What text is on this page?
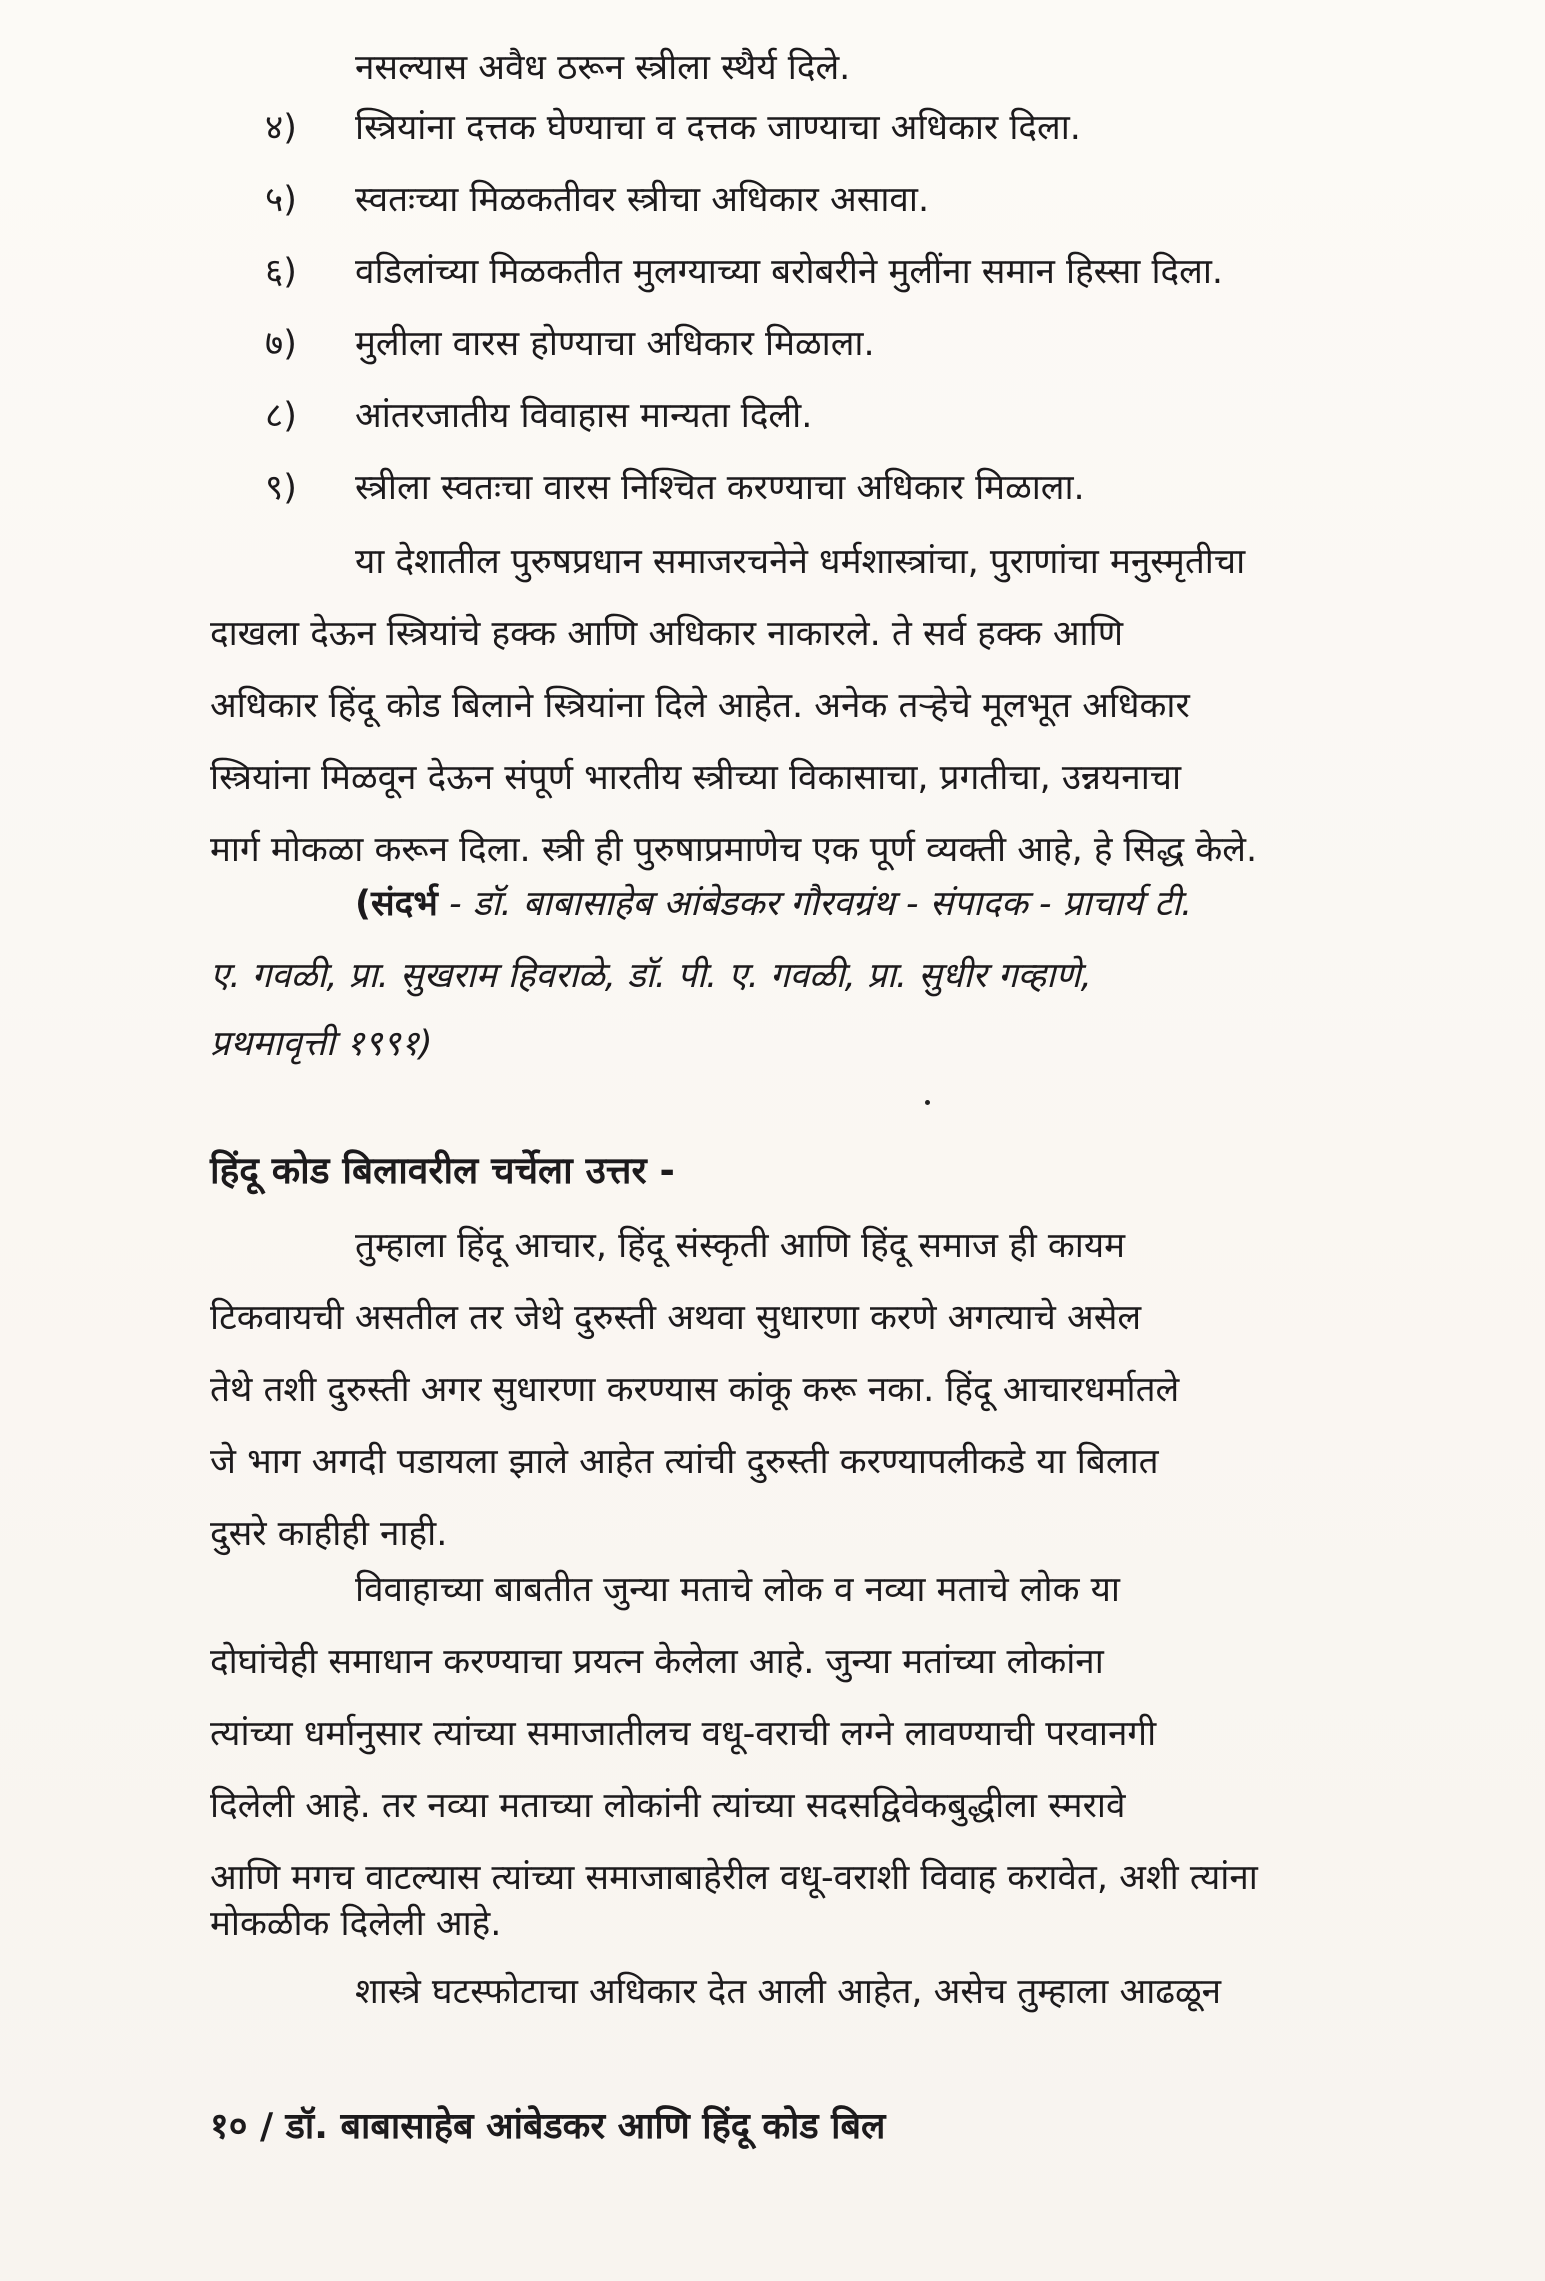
नसल्यास अवैध ठरून स्त्रीला स्थैर्य दिले.
४) स्त्रियांना दत्तक घेण्याचा व दत्तक जाण्याचा अधिकार दिला.
५) स्वतःच्या मिळकतीवर स्त्रीचा अधिकार असावा.
६) वडिलांच्या मिळकतीत मुलग्याच्या बरोबरीने मुलींना समान हिस्सा दिला.
७) मुलीला वारस होण्याचा अधिकार मिळाला.
८) आंतरजातीय विवाहास मान्यता दिली.
९) स्त्रीला स्वतःचा वारस निश्चित करण्याचा अधिकार मिळाला.
या देशातील पुरुषप्रधान समाजरचनेने धर्मशास्त्रांचा, पुराणांचा मनुस्मृतीचा
दाखला देऊन स्त्रियांचे हक्क आणि अधिकार नाकारले. ते सर्व हक्क आणि
अधिकार हिंदू कोड बिलाने स्त्रियांना दिले आहेत. अनेक तऱ्हेचे मूलभूत अधिकार
स्त्रियांना मिळवून देऊन संपूर्ण भारतीय स्त्रीच्या विकासाचा, प्रगतीचा, उन्नयनाचा
मार्ग मोकळा करून दिला. स्त्री ही पुरुषाप्रमाणेच एक पूर्ण व्यक्ती आहे, हे सिद्ध केले.
(संदर्भ - डॉ. बाबासाहेब आंबेडकर गौरवग्रंथ - संपादक - प्राचार्य टी.
ए. गवळी, प्रा. सुखराम हिवराळे, डॉ. पी. ए. गवळी, प्रा. सुधीर गव्हाणे,
प्रथमावृत्ती १९९१)
हिंदू कोड बिलावरील चर्चेला उत्तर -
तुम्हाला हिंदू आचार, हिंदू संस्कृती आणि हिंदू समाज ही कायम
टिकवायची असतील तर जेथे दुरुस्ती अथवा सुधारणा करणे अगत्याचे असेल
तेथे तशी दुरुस्ती अगर सुधारणा करण्यास कांकू करू नका. हिंदू आचारधर्मातले
जे भाग अगदी पडायला झाले आहेत त्यांची दुरुस्ती करण्यापलीकडे या बिलात
दुसरे काहीही नाही.
विवाहाच्या बाबतीत जुन्या मताचे लोक व नव्या मताचे लोक या
दोघांचेही समाधान करण्याचा प्रयत्न केलेला आहे. जुन्या मतांच्या लोकांना
त्यांच्या धर्मानुसार त्यांच्या समाजातीलच वधू-वराची लग्ने लावण्याची परवानगी
दिलेली आहे. तर नव्या मताच्या लोकांनी त्यांच्या सदसद्विवेकबुद्धीला स्मरावे
आणि मगच वाटल्यास त्यांच्या समाजाबाहेरील वधू-वराशी विवाह करावेत, अशी त्यांना
मोकळीक दिलेली आहे.
शास्त्रे घटस्फोटाचा अधिकार देत आली आहेत, असेच तुम्हाला आढळून
१० / डॉ. बाबासाहेब आंबेडकर आणि हिंदू कोड बिल
